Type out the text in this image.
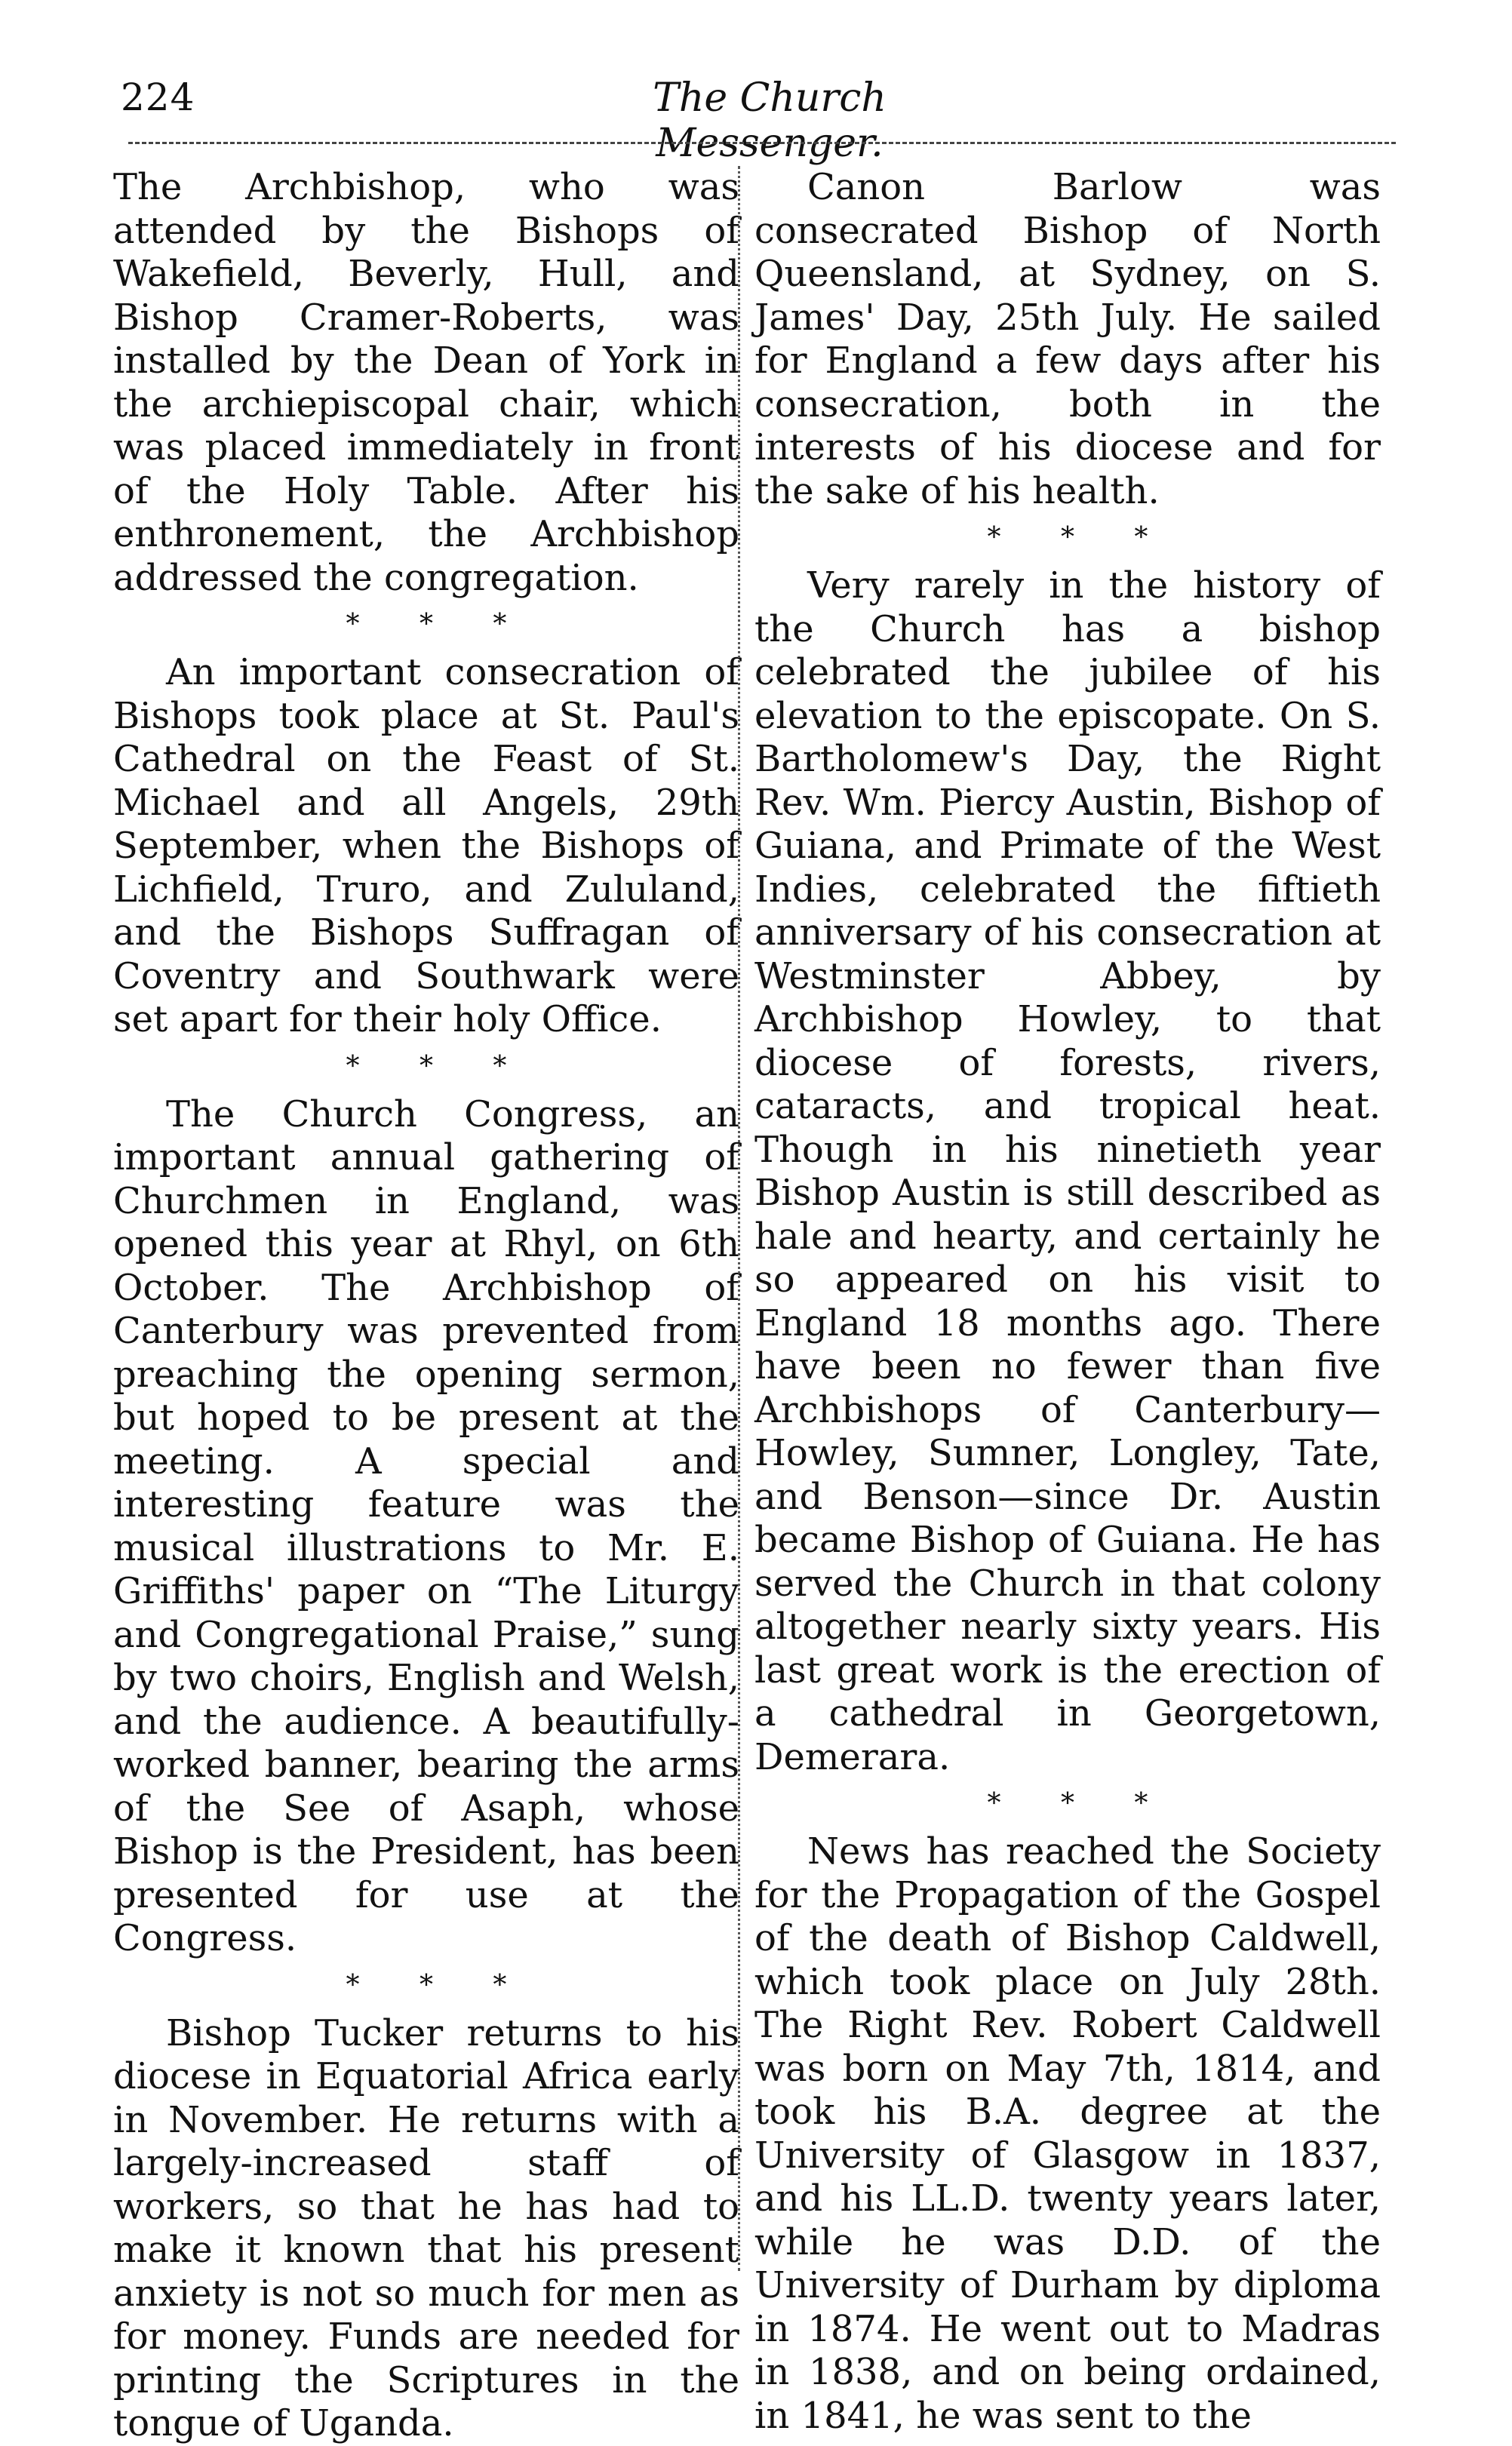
224	The Church Messenger.

The Archbishop, who was attended by the Bishops of Wakefield, Beverly, Hull, and Bishop Cramer-Roberts, was installed by the Dean of York in the archiepiscopal chair, which was placed immediately in front of the Holy Table. After his enthronement, the Archbishop addressed the congregation.

* * *

An important consecration of Bishops took place at St. Paul's Cathedral on the Feast of St. Michael and all Angels, 29th September, when the Bishops of Lichfield, Truro, and Zululand, and the Bishops Suffragan of Coventry and Southwark were set apart for their holy Office.

* * *

The Church Congress, an important annual gathering of Churchmen in England, was opened this year at Rhyl, on 6th October. The Archbishop of Canterbury was prevented from preaching the opening sermon, but hoped to be present at the meeting. A special and interesting feature was the musical illustrations to Mr. E. Griffiths' paper on “The Liturgy and Congregational Praise,” sung by two choirs, English and Welsh, and the audience. A beautifully-worked banner, bearing the arms of the See of Asaph, whose Bishop is the President, has been presented for use at the Congress.

* * *

Bishop Tucker returns to his diocese in Equatorial Africa early in November. He returns with a largely-increased staff of workers, so that he has had to make it known that his present anxiety is not so much for men as for money. Funds are needed for printing the Scriptures in the tongue of Uganda.

Canon Barlow was consecrated Bishop of North Queensland, at Sydney, on S. James' Day, 25th July. He sailed for England a few days after his consecration, both in the interests of his diocese and for the sake of his health.

* * *

Very rarely in the history of the Church has a bishop celebrated the jubilee of his elevation to the episcopate. On S. Bartholomew's Day, the Right Rev. Wm. Piercy Austin, Bishop of Guiana, and Primate of the West Indies, celebrated the fiftieth anniversary of his consecration at Westminster Abbey, by Archbishop Howley, to that diocese of forests, rivers, cataracts, and tropical heat. Though in his ninetieth year Bishop Austin is still described as hale and hearty, and certainly he so appeared on his visit to England 18 months ago. There have been no fewer than five Archbishops of Canterbury—Howley, Sumner, Longley, Tate, and Benson—since Dr. Austin became Bishop of Guiana. He has served the Church in that colony altogether nearly sixty years. His last great work is the erection of a cathedral in Georgetown, Demerara.

* * *

News has reached the Society for the Propagation of the Gospel of the death of Bishop Caldwell, which took place on July 28th. The Right Rev. Robert Caldwell was born on May 7th, 1814, and took his B.A. degree at the University of Glasgow in 1837, and his LL.D. twenty years later, while he was D.D. of the University of Durham by diploma in 1874. He went out to Madras in 1838, and on being ordained, in 1841, he was sent to the
